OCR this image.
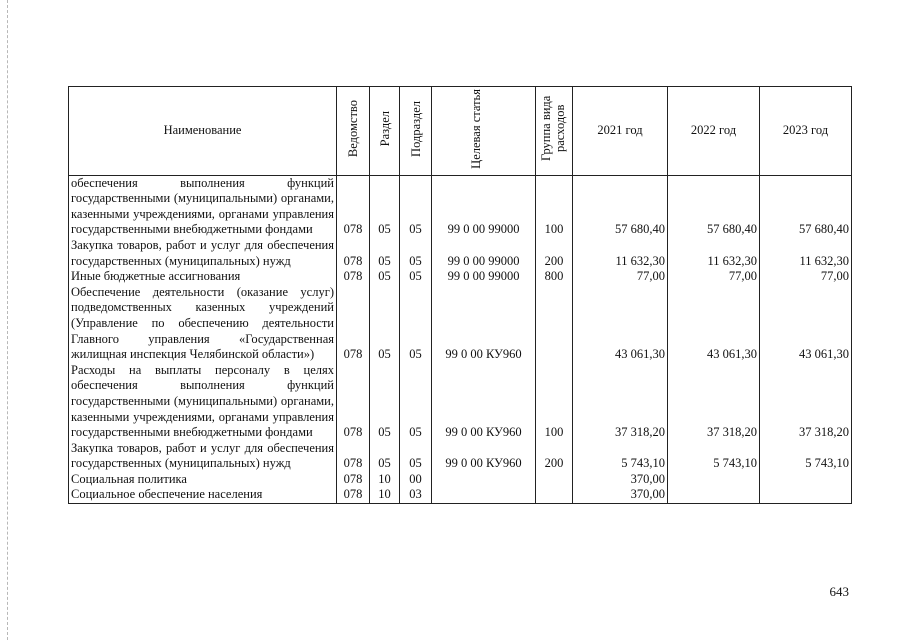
Наименование	Ведомство	Раздел	Подраздел	Целевая статья	Группа вида расходов	2021 год	2022 год	2023 год
обеспечения выполнения функций государственными (муниципальными) органами, казенными учреждениями, органами управления государственными внебюджетными фондами	078	05	05	99 0 00 99000	100	57 680,40	57 680,40	57 680,40
Закупка товаров, работ и услуг для обеспечения государственных (муниципальных) нужд	078	05	05	99 0 00 99000	200	11 632,30	11 632,30	11 632,30
Иные бюджетные ассигнования	078	05	05	99 0 00 99000	800	77,00	77,00	77,00
Обеспечение деятельности (оказание услуг) подведомственных казенных учреждений (Управление по обеспечению деятельности Главного управления «Государственная жилищная инспекция Челябинской области»)	078	05	05	99 0 00 КУ960		43 061,30	43 061,30	43 061,30
Расходы на выплаты персоналу в целях обеспечения выполнения функций государственными (муниципальными) органами, казенными учреждениями, органами управления государственными внебюджетными фондами	078	05	05	99 0 00 КУ960	100	37 318,20	37 318,20	37 318,20
Закупка товаров, работ и услуг для обеспечения государственных (муниципальных) нужд	078	05	05	99 0 00 КУ960	200	5 743,10	5 743,10	5 743,10
Социальная политика	078	10	00			370,00		
Социальное обеспечение населения	078	10	03			370,00		
643
